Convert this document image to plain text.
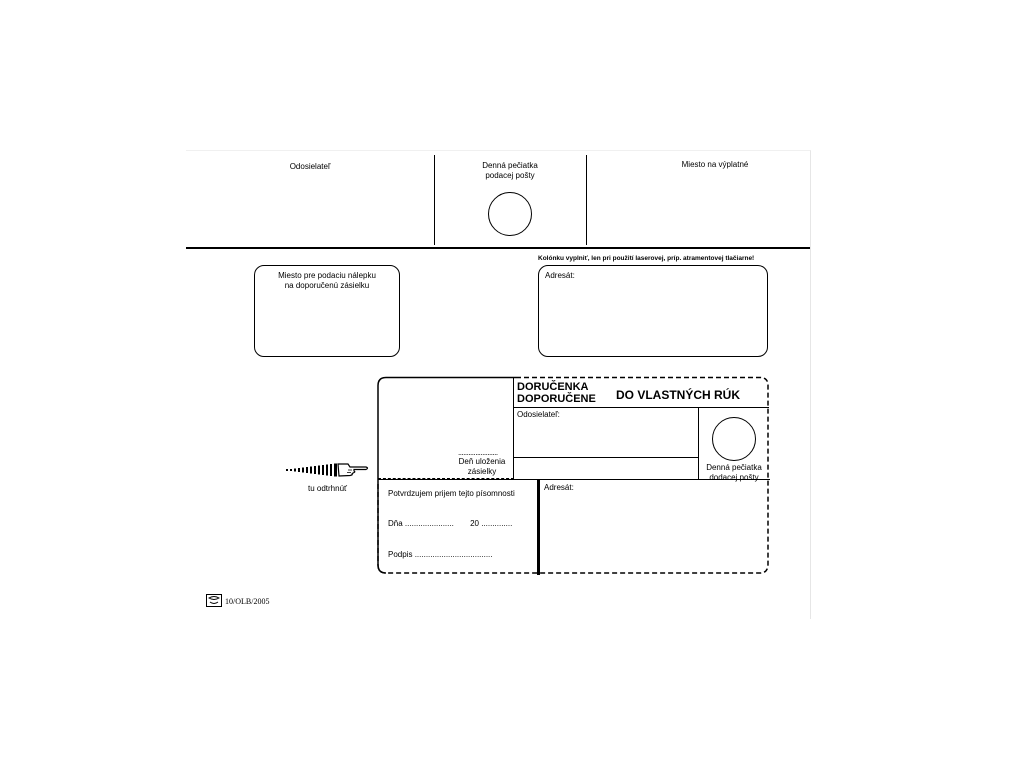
Odosielateľ	Denná pečiatka
podacej pošty
Miesto na výplatné
Miesto pre podaciu nálepku
na doporučenú zásielku
Kolónku vyplniť, len pri použití laserovej, príp. atramentovej tlačiarne!
Adresát:
tu odtrhnúť
DORUČENKA
DOPORUČENE DO VLASTNÝCH RÚK
Odosielateľ:
.......................
Deň uloženia
zásielky	Denná pečiatka
dodacej pošty
Adresát:
Potvrdzujem prijem tejto písomnosti
Dňa ...................... 20 ..............
Podpis ...................................
10/OLB/2005
